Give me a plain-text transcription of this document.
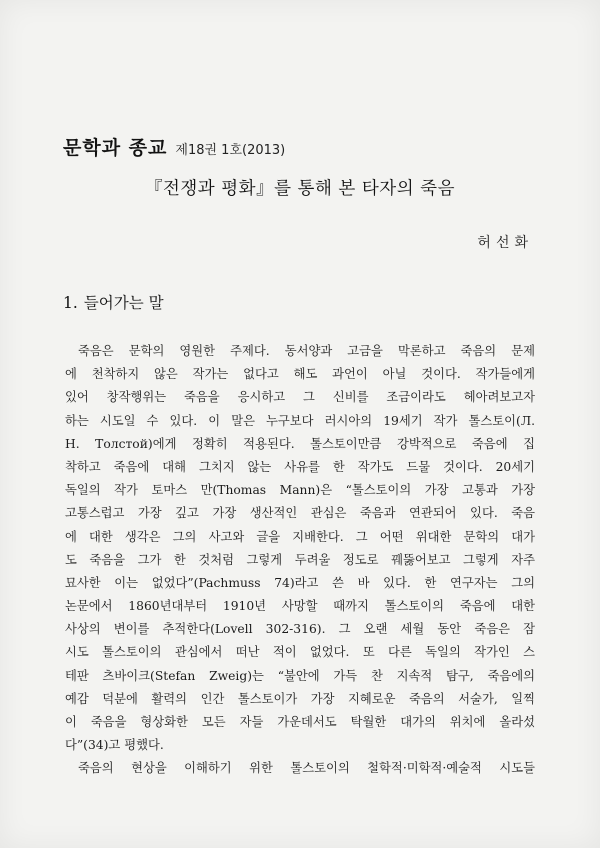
문학과 종교 제18권 1호(2013)
『전쟁과 평화』를 통해 본 타자의 죽음
허선화
1. 들어가는 말
죽음은 문학의 영원한 주제다. 동서양과 고금을 막론하고 죽음의 문제
에 천착하지 않은 작가는 없다고 해도 과언이 아닐 것이다. 작가들에게
있어 창작행위는 죽음을 응시하고 그 신비를 조금이라도 헤아려보고자
하는 시도일 수 있다. 이 말은 누구보다 러시아의 19세기 작가 톨스토이(Л.
Н. Толстой)에게 정확히 적용된다. 톨스토이만큼 강박적으로 죽음에 집
착하고 죽음에 대해 그치지 않는 사유를 한 작가도 드물 것이다. 20세기
독일의 작가 토마스 만(Thomas Mann)은 “톨스토이의 가장 고통과 가장
고통스럽고 가장 깊고 가장 생산적인 관심은 죽음과 연관되어 있다. 죽음
에 대한 생각은 그의 사고와 글을 지배한다. 그 어떤 위대한 문학의 대가
도 죽음을 그가 한 것처럼 그렇게 두려울 정도로 꿰뚫어보고 그렇게 자주
묘사한 이는 없었다”(Pachmuss 74)라고 쓴 바 있다. 한 연구자는 그의
논문에서 1860년대부터 1910년 사망할 때까지 톨스토이의 죽음에 대한
사상의 변이를 추적한다(Lovell 302-316). 그 오랜 세월 동안 죽음은 잠
시도 톨스토이의 관심에서 떠난 적이 없었다. 또 다른 독일의 작가인 스
테판 츠바이크(Stefan Zweig)는 “불안에 가득 찬 지속적 탐구, 죽음에의
예감 덕분에 활력의 인간 톨스토이가 가장 지혜로운 죽음의 서술가, 일찍
이 죽음을 형상화한 모든 자들 가운데서도 탁월한 대가의 위치에 올라섰
다”(34)고 평했다.
죽음의 현상을 이해하기 위한 톨스토이의 철학적·미학적·예술적 시도들
